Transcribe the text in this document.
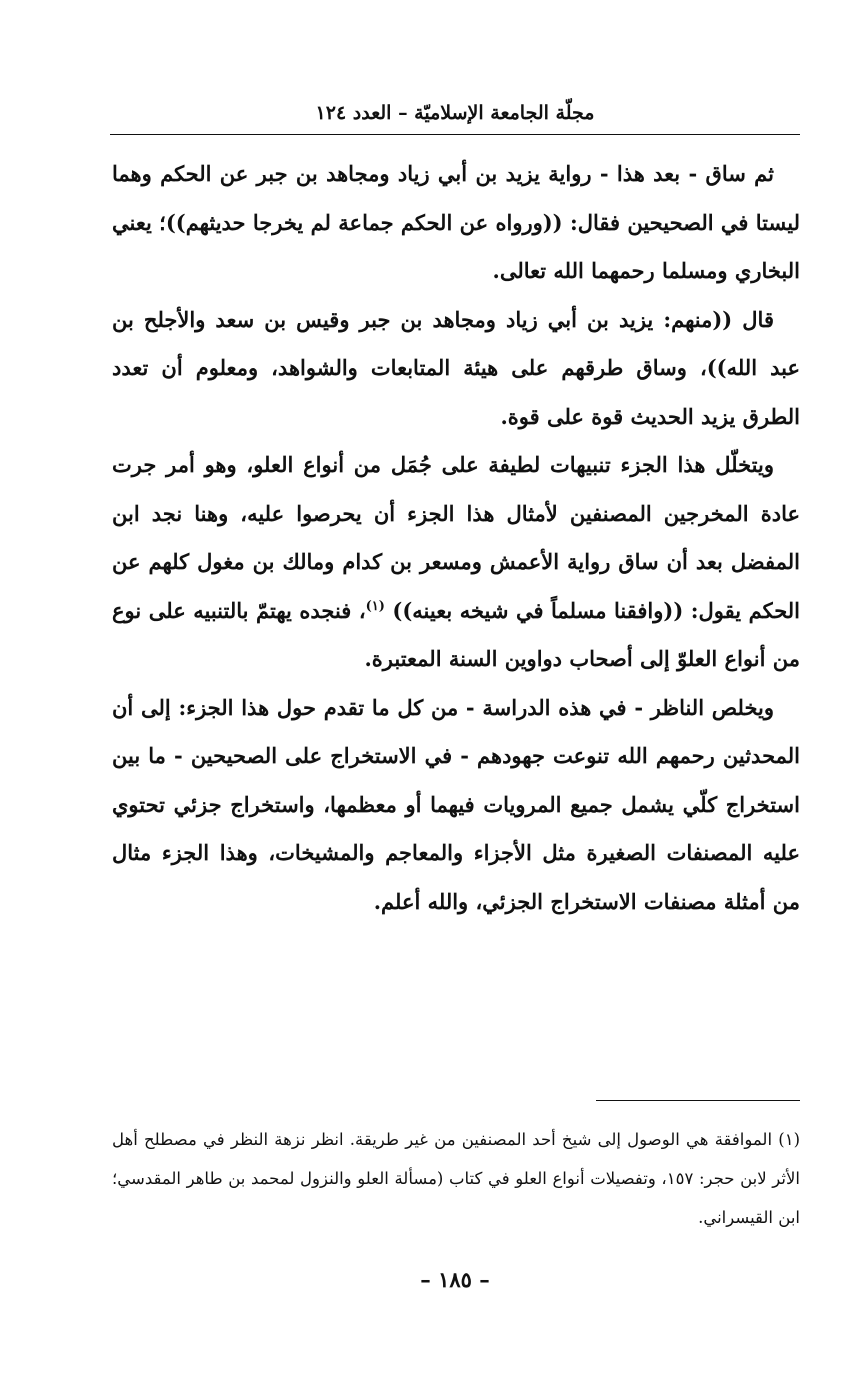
مجلّة الجامعة الإسلاميّة – العدد ١٢٤

ثم ساق - بعد هذا - رواية يزيد بن أبي زياد ومجاهد بن جبر عن الحكم وهما ليستا في الصحيحين فقال: ((ورواه عن الحكم جماعة لم يخرجا حديثهم))؛ يعني البخاري ومسلما رحمهما الله تعالى.

قال ((منهم: يزيد بن أبي زياد ومجاهد بن جبر وقيس بن سعد والأجلح بن عبد الله))، وساق طرقهم على هيئة المتابعات والشواهد، ومعلوم أن تعدد الطرق يزيد الحديث قوة على قوة.

ويتخلّل هذا الجزء تنبيهات لطيفة على جُمَل من أنواع العلو، وهو أمر جرت عادة المخرجين المصنفين لأمثال هذا الجزء أن يحرصوا عليه، وهنا نجد ابن المفضل بعد أن ساق رواية الأعمش ومسعر بن كدام ومالك بن مغول كلهم عن الحكم يقول: ((وافقنا مسلماً في شيخه بعينه)) $^{(١)}$، فنجده يهتمّ بالتنبيه على نوع من أنواع العلوّ إلى أصحاب دواوين السنة المعتبرة.

ويخلص الناظر - في هذه الدراسة - من كل ما تقدم حول هذا الجزء: إلى أن المحدثين رحمهم الله تنوعت جهودهم - في الاستخراج على الصحيحين - ما بين استخراج كلّي يشمل جميع المرويات فيهما أو معظمها، واستخراج جزئي تحتوي عليه المصنفات الصغيرة مثل الأجزاء والمعاجم والمشيخات، وهذا الجزء مثال من أمثلة مصنفات الاستخراج الجزئي، والله أعلم.

(١) الموافقة هي الوصول إلى شيخ أحد المصنفين من غير طريقة. انظر نزهة النظر في مصطلح أهل الأثر لابن حجر: ١٥٧، وتفصيلات أنواع العلو في كتاب (مسألة العلو والنزول لمحمد بن طاهر المقدسي؛ ابن القيسراني.

– ١٨٥ –
